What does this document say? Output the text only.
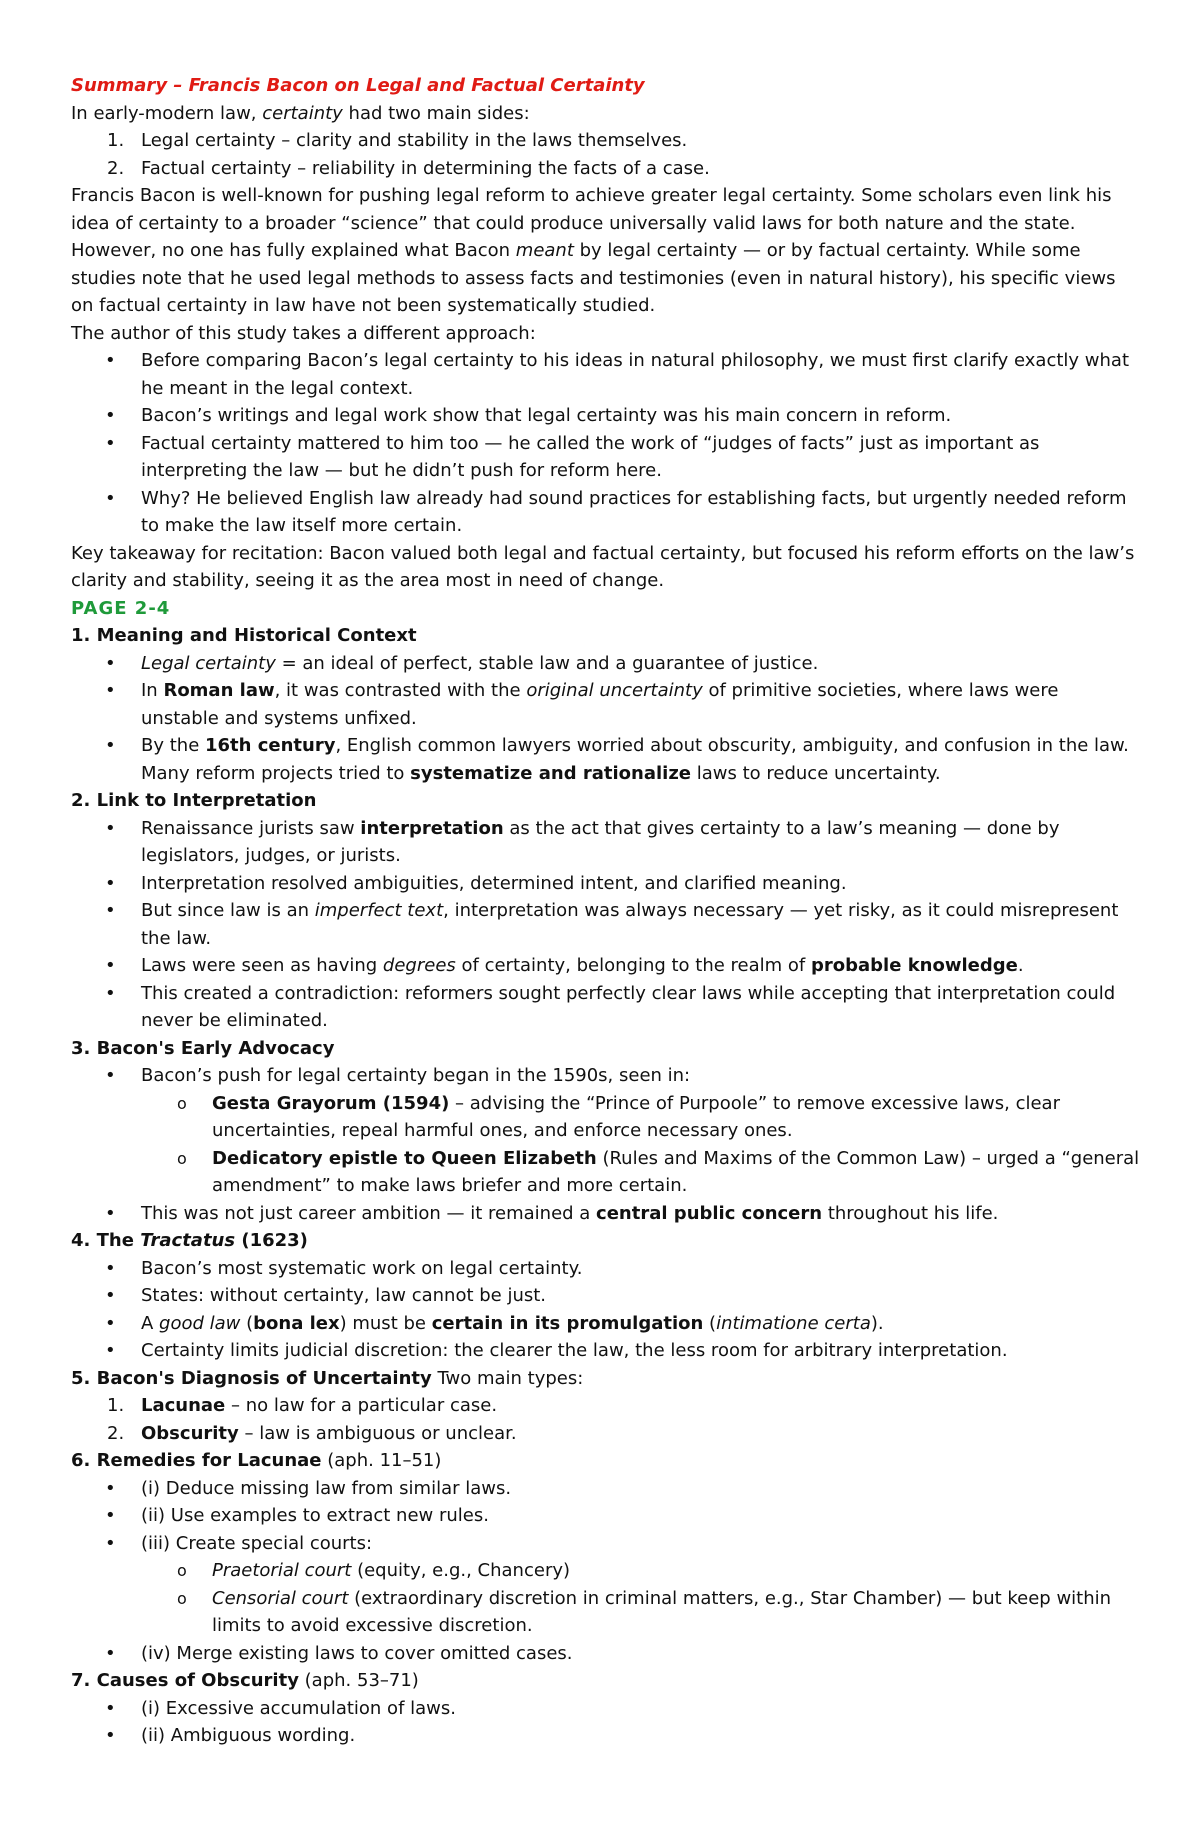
Summary – Francis Bacon on Legal and Factual Certainty

In early-modern law, certainty had two main sides:

1. Legal certainty – clarity and stability in the laws themselves.
2. Factual certainty – reliability in determining the facts of a case.

Francis Bacon is well-known for pushing legal reform to achieve greater legal certainty. Some scholars even link his idea of certainty to a broader “science” that could produce universally valid laws for both nature and the state. However, no one has fully explained what Bacon meant by legal certainty — or by factual certainty. While some studies note that he used legal methods to assess facts and testimonies (even in natural history), his specific views on factual certainty in law have not been systematically studied.

The author of this study takes a different approach:

• Before comparing Bacon’s legal certainty to his ideas in natural philosophy, we must first clarify exactly what he meant in the legal context.
• Bacon’s writings and legal work show that legal certainty was his main concern in reform.
• Factual certainty mattered to him too — he called the work of “judges of facts” just as important as interpreting the law — but he didn’t push for reform here.
• Why? He believed English law already had sound practices for establishing facts, but urgently needed reform to make the law itself more certain.

Key takeaway for recitation: Bacon valued both legal and factual certainty, but focused his reform efforts on the law’s clarity and stability, seeing it as the area most in need of change.

PAGE 2-4

1. Meaning and Historical Context

• Legal certainty = an ideal of perfect, stable law and a guarantee of justice.
• In Roman law, it was contrasted with the original uncertainty of primitive societies, where laws were unstable and systems unfixed.
• By the 16th century, English common lawyers worried about obscurity, ambiguity, and confusion in the law. Many reform projects tried to systematize and rationalize laws to reduce uncertainty.

2. Link to Interpretation

• Renaissance jurists saw interpretation as the act that gives certainty to a law’s meaning — done by legislators, judges, or jurists.
• Interpretation resolved ambiguities, determined intent, and clarified meaning.
• But since law is an imperfect text, interpretation was always necessary — yet risky, as it could misrepresent the law.
• Laws were seen as having degrees of certainty, belonging to the realm of probable knowledge.
• This created a contradiction: reformers sought perfectly clear laws while accepting that interpretation could never be eliminated.

3. Bacon's Early Advocacy

• Bacon’s push for legal certainty began in the 1590s, seen in:
o Gesta Grayorum (1594) – advising the “Prince of Purpoole” to remove excessive laws, clear uncertainties, repeal harmful ones, and enforce necessary ones.
o Dedicatory epistle to Queen Elizabeth (Rules and Maxims of the Common Law) – urged a “general amendment” to make laws briefer and more certain.
• This was not just career ambition — it remained a central public concern throughout his life.

4. The Tractatus (1623)

• Bacon’s most systematic work on legal certainty.
• States: without certainty, law cannot be just.
• A good law (bona lex) must be certain in its promulgation (intimatione certa).
• Certainty limits judicial discretion: the clearer the law, the less room for arbitrary interpretation.

5. Bacon's Diagnosis of Uncertainty Two main types:

1. Lacunae – no law for a particular case.
2. Obscurity – law is ambiguous or unclear.

6. Remedies for Lacunae (aph. 11–51)

• (i) Deduce missing law from similar laws.
• (ii) Use examples to extract new rules.
• (iii) Create special courts:
o Praetorial court (equity, e.g., Chancery)
o Censorial court (extraordinary discretion in criminal matters, e.g., Star Chamber) — but keep within limits to avoid excessive discretion.
• (iv) Merge existing laws to cover omitted cases.

7. Causes of Obscurity (aph. 53–71)

• (i) Excessive accumulation of laws.
• (ii) Ambiguous wording.
